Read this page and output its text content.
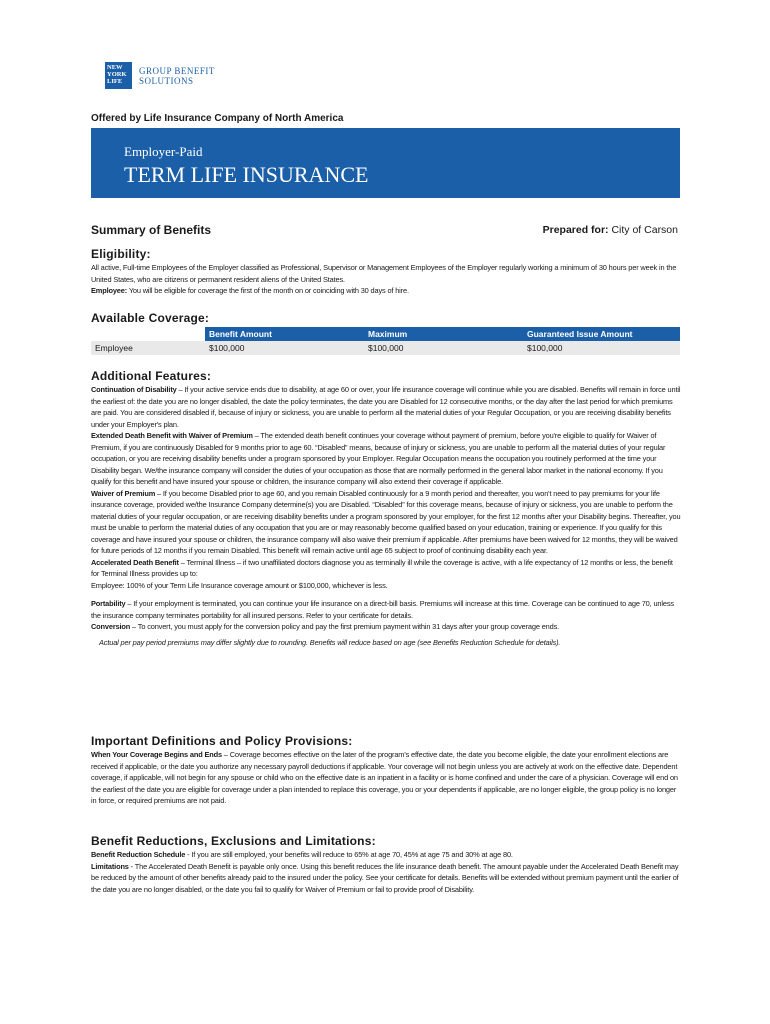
NEW
YORK
LIFE
GROUP BENEFIT
SOLUTIONS
Offered by Life Insurance Company of North America
Employer-Paid
TERM LIFE INSURANCE
Summary of Benefits	Prepared for: City of Carson
Eligibility:

All active, Full-time Employees of the Employer classified as Professional, Supervisor or Management Employees of the Employer regularly working a minimum of 30 hours per week in the United States, who are citizens or permanent resident aliens of the United States.

Employee: You will be eligible for coverage the first of the month on or coinciding with 30 days of hire.

Available Coverage:
	Benefit Amount	Maximum	Guaranteed Issue Amount
Employee	$100,000	$100,000	$100,000
Additional Features:

Continuation of Disability – If your active service ends due to disability, at age 60 or over, your life insurance coverage will continue while you are disabled. Benefits will remain in force until the earliest of: the date you are no longer disabled, the date the policy terminates, the date you are Disabled for 12 consecutive months, or the day after the last period for which premiums are paid. You are considered disabled if, because of injury or sickness, you are unable to perform all the material duties of your Regular Occupation, or you are receiving disability benefits under your Employer's plan.

Extended Death Benefit with Waiver of Premium – The extended death benefit continues your coverage without payment of premium, before you're eligible to qualify for Waiver of Premium, if you are continuously Disabled for 9 months prior to age 60. “Disabled” means, because of injury or sickness, you are unable to perform all the material duties of your regular occupation, or you are receiving disability benefits under a program sponsored by your Employer. Regular Occupation means the occupation you routinely performed at the time your Disability began. We/the insurance company will consider the duties of your occupation as those that are normally performed in the general labor market in the national economy. If you qualify for this benefit and have insured your spouse or children, the insurance company will also extend their coverage if applicable.

Waiver of Premium – If you become Disabled prior to age 60, and you remain Disabled continuously for a 9 month period and thereafter, you won't need to pay premiums for your life insurance coverage, provided we/the Insurance Company determine(s) you are Disabled. “Disabled” for this coverage means, because of injury or sickness, you are unable to perform the material duties of your regular occupation, or are receiving disability benefits under a program sponsored by your employer, for the first 12 months after your Disability begins. Thereafter, you must be unable to perform the material duties of any occupation that you are or may reasonably become qualified based on your education, training or experience. If you qualify for this coverage and have insured your spouse or children, the insurance company will also waive their premium if applicable. After premiums have been waived for 12 months, they will be waived for future periods of 12 months if you remain Disabled. This benefit will remain active until age 65 subject to proof of continuing disability each year.

Accelerated Death Benefit – Terminal Illness – if two unaffiliated doctors diagnose you as terminally ill while the coverage is active, with a life expectancy of 12 months or less, the benefit for Terminal Illness provides up to:

Employee: 100% of your Term Life Insurance coverage amount or $100,000, whichever is less.

Portability – If your employment is terminated, you can continue your life insurance on a direct-bill basis. Premiums will increase at this time. Coverage can be continued to age 70, unless the insurance company terminates portability for all insured persons. Refer to your certificate for details.

Conversion – To convert, you must apply for the conversion policy and pay the first premium payment within 31 days after your group coverage ends.

Actual per pay period premiums may differ slightly due to rounding. Benefits will reduce based on age (see Benefits Reduction Schedule for details).

Important Definitions and Policy Provisions:

When Your Coverage Begins and Ends – Coverage becomes effective on the later of the program's effective date, the date you become eligible, the date your enrollment elections are received if applicable, or the date you authorize any necessary payroll deductions if applicable. Your coverage will not begin unless you are actively at work on the effective date. Dependent coverage, if applicable, will not begin for any spouse or child who on the effective date is an inpatient in a facility or is home confined and under the care of a physician. Coverage will end on the earliest of the date you are eligible for coverage under a plan intended to replace this coverage, you or your dependents if applicable, are no longer eligible, the group policy is no longer in force, or required premiums are not paid.

Benefit Reductions, Exclusions and Limitations:

Benefit Reduction Schedule - If you are still employed, your benefits will reduce to 65% at age 70, 45% at age 75 and 30% at age 80.

Limitations - The Accelerated Death Benefit is payable only once. Using this benefit reduces the life insurance death benefit. The amount payable under the Accelerated Death Benefit may be reduced by the amount of other benefits already paid to the insured under the policy. See your certificate for details. Benefits will be extended without premium payment until the earlier of the date you are no longer disabled, or the date you fail to qualify for Waiver of Premium or fail to provide proof of Disability.
